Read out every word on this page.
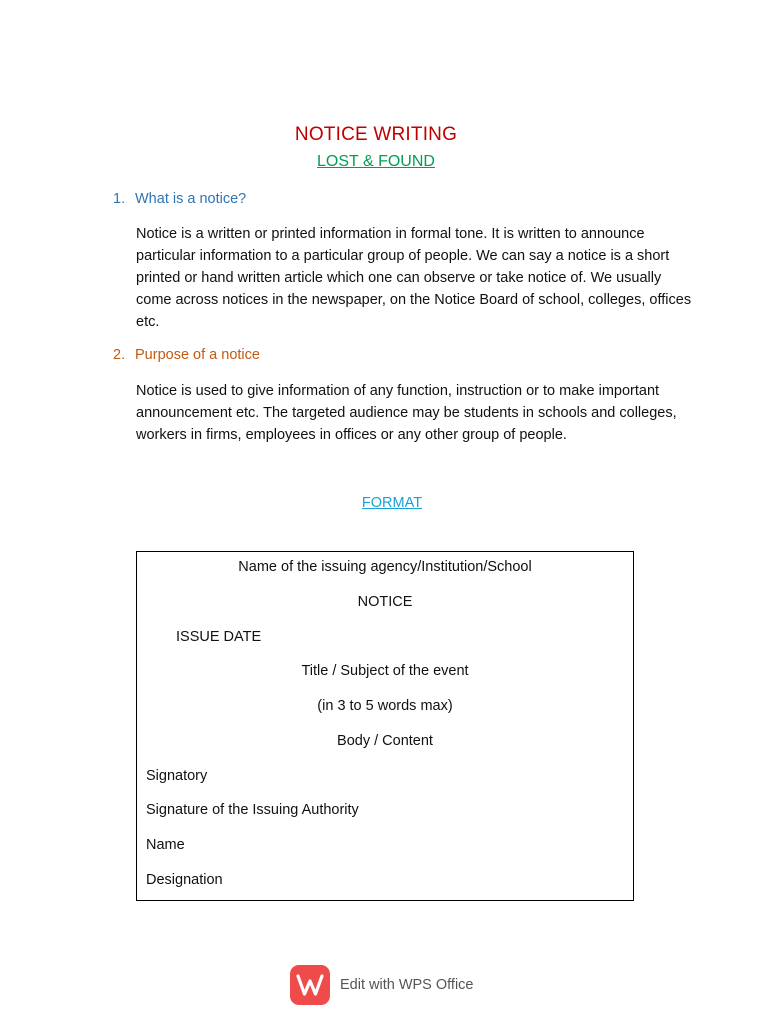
NOTICE WRITING
LOST & FOUND
1. What is a notice?
Notice is a written or printed information in formal tone. It is written to announce particular information to a particular group of people. We can say a notice is a short printed or hand written article which one can observe or take notice of. We usually come across notices in the newspaper, on the Notice Board of school, colleges, offices etc.
2. Purpose of a notice
Notice is used to give information of any function, instruction or to make important announcement etc. The targeted audience may be students in schools and colleges, workers in firms, employees in offices or any other group of people.
FORMAT
Name of the issuing agency/Institution/School
NOTICE
ISSUE DATE
Title / Subject of the event
(in 3 to 5 words max)
Body / Content
Signatory
Signature of the Issuing Authority
Name
Designation
Edit with WPS Office
